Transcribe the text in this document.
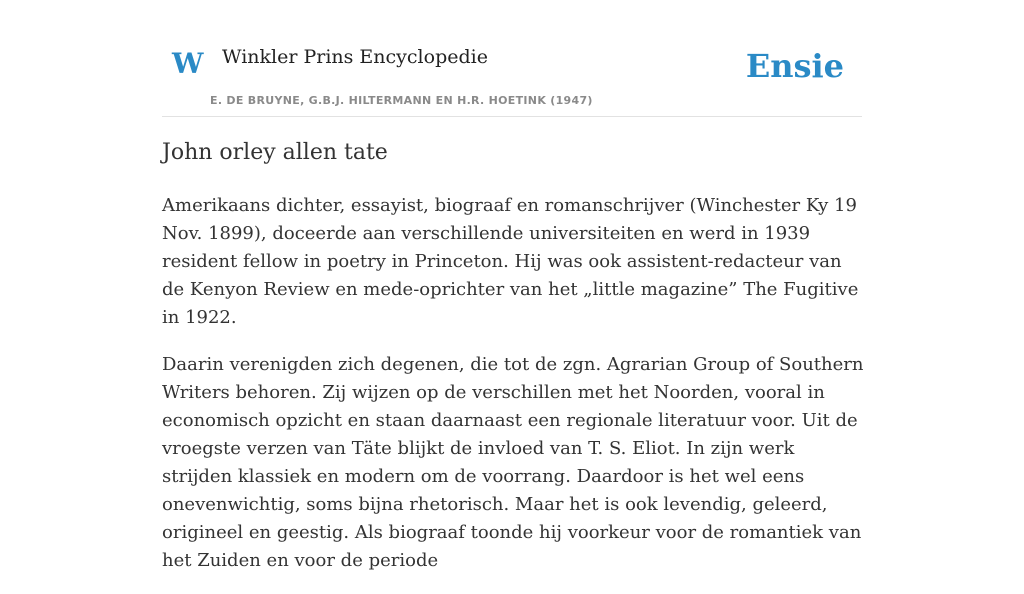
W Winkler Prins Encyclopedie
E. DE BRUYNE, G.B.J. HILTERMANN EN H.R. HOETINK (1947)
Ensie
John orley allen tate

Amerikaans dichter, essayist, biograaf en romanschrijver (Winchester Ky 19 Nov. 1899), doceerde aan verschillende universiteiten en werd in 1939 resident fellow in poetry in Princeton. Hij was ook assistent-redacteur van de Kenyon Review en mede-oprichter van het „little magazine” The Fugitive in 1922.

Daarin verenigden zich degenen, die tot de zgn. Agrarian Group of Southern Writers behoren. Zij wijzen op de verschillen met het Noorden, vooral in economisch opzicht en staan daarnaast een regionale literatuur voor. Uit de vroegste verzen van Täte blijkt de invloed van T. S. Eliot. In zijn werk strijden klassiek en modern om de voorrang. Daardoor is het wel eens onevenwichtig, soms bijna rhetorisch. Maar het is ook levendig, geleerd, origineel en geestig. Als biograaf toonde hij voorkeur voor de romantiek van het Zuiden en voor de periode
